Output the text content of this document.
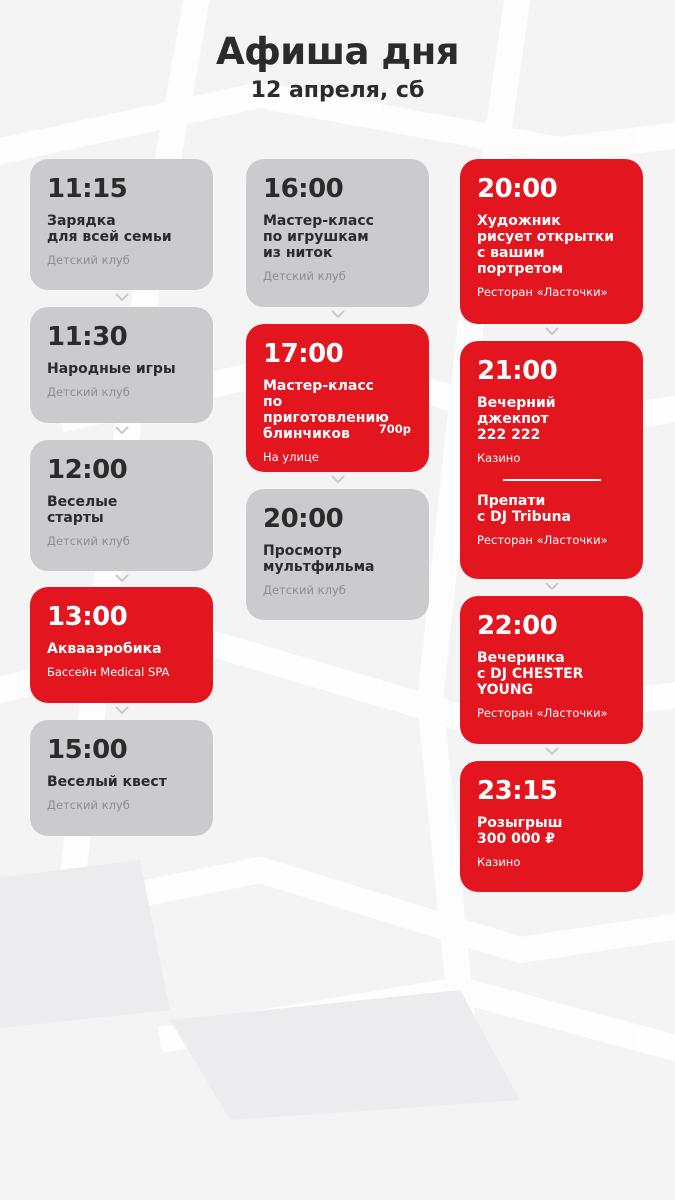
Афиша дня
12 апреля, сб
11:15
Зарядка
для всей семьи
Детский клуб
11:30
Народные игры
Детский клуб
12:00
Веселые
старты
Детский клуб
13:00
Аквааэробика
Бассейн Medical SPA
15:00
Веселый квест
Детский клуб
16:00
Мастер-класс
по игрушкам
из ниток
Детский клуб
17:00
Мастер-класс
по приготовлению
блинчиков	700р
На улице
20:00
Просмотр
мультфильма
Детский клуб
20:00
Художник
рисует открытки
с вашим
портретом
Ресторан «Ласточки»
21:00
Вечерний
джекпот
222 222
Казино
Препати
с DJ Tribuna
Ресторан «Ласточки»
22:00
Вечеринка
с DJ CHESTER
YOUNG
Ресторан «Ласточки»
23:15
Розыгрыш
300 000 ₽
Казино
